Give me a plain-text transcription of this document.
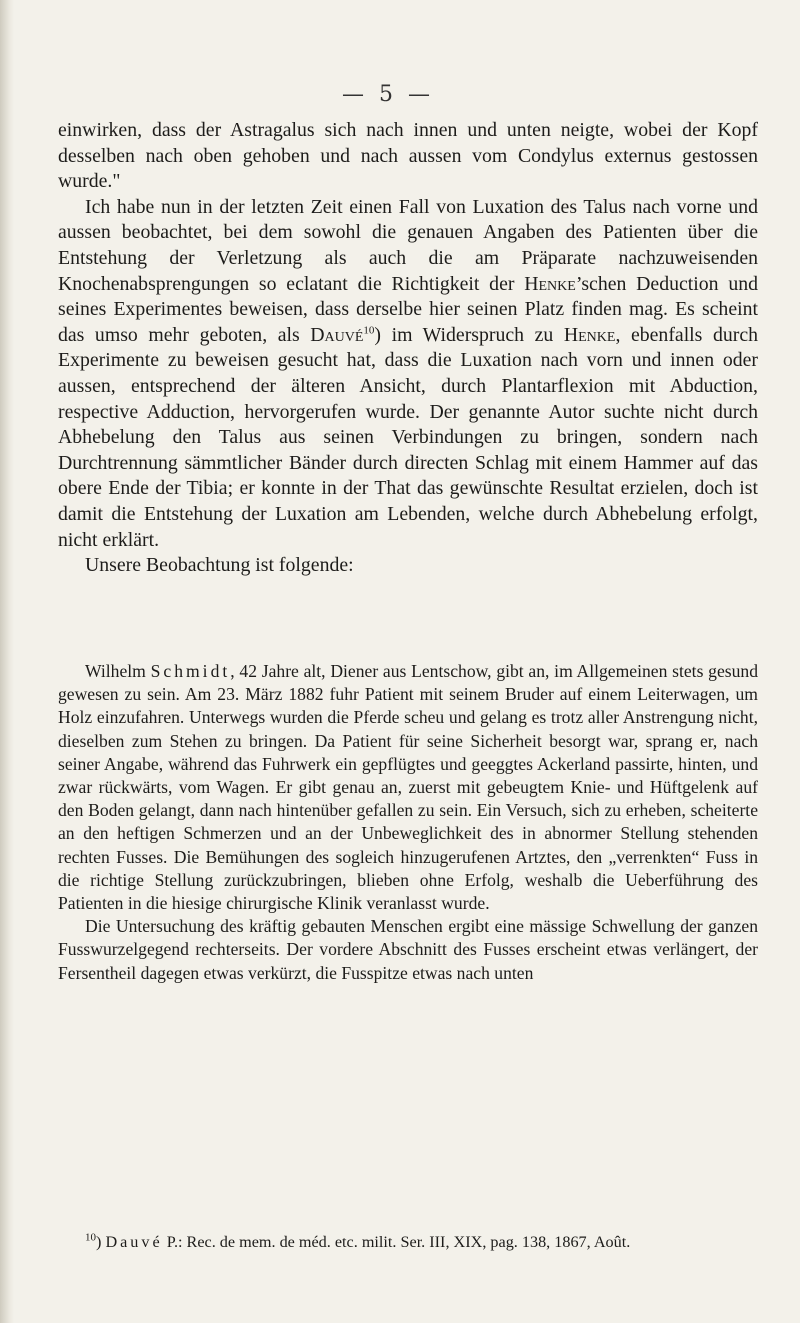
— 5 —

einwirken, dass der Astragalus sich nach innen und unten neigte, wobei der Kopf desselben nach oben gehoben und nach aussen vom Condylus externus gestossen wurde."

Ich habe nun in der letzten Zeit einen Fall von Luxation des Talus nach vorne und aussen beobachtet, bei dem sowohl die genauen Angaben des Patienten über die Entstehung der Verletzung als auch die am Präparate nachzuweisenden Knochenabsprengungen so eclatant die Richtigkeit der Henke’schen Deduction und seines Experimentes beweisen, dass derselbe hier seinen Platz finden mag. Es scheint das umso mehr geboten, als Dauvé$^{10}$) im Widerspruch zu Henke, ebenfalls durch Experimente zu beweisen gesucht hat, dass die Luxation nach vorn und innen oder aussen, entsprechend der älteren Ansicht, durch Plantarflexion mit Abduction, respective Adduction, hervorgerufen wurde. Der genannte Autor suchte nicht durch Abhebelung den Talus aus seinen Verbindungen zu bringen, sondern nach Durchtrennung sämmtlicher Bänder durch directen Schlag mit einem Hammer auf das obere Ende der Tibia; er konnte in der That das gewünschte Resultat erzielen, doch ist damit die Entstehung der Luxation am Lebenden, welche durch Abhebelung erfolgt, nicht erklärt.

Unsere Beobachtung ist folgende:

Wilhelm Schmidt, 42 Jahre alt, Diener aus Lentschow, gibt an, im Allgemeinen stets gesund gewesen zu sein. Am 23. März 1882 fuhr Patient mit seinem Bruder auf einem Leiterwagen, um Holz einzufahren. Unterwegs wurden die Pferde scheu und gelang es trotz aller Anstrengung nicht, dieselben zum Stehen zu bringen. Da Patient für seine Sicherheit besorgt war, sprang er, nach seiner Angabe, während das Fuhrwerk ein gepflügtes und geeggtes Ackerland passirte, hinten, und zwar rückwärts, vom Wagen. Er gibt genau an, zuerst mit gebeugtem Knie- und Hüftgelenk auf den Boden gelangt, dann nach hintenüber gefallen zu sein. Ein Versuch, sich zu erheben, scheiterte an den heftigen Schmerzen und an der Unbeweglichkeit des in abnormer Stellung stehenden rechten Fusses. Die Bemühungen des sogleich hinzugerufenen Artztes, den „verrenkten“ Fuss in die richtige Stellung zurückzubringen, blieben ohne Erfolg, weshalb die Ueberführung des Patienten in die hiesige chirurgische Klinik veranlasst wurde.

Die Untersuchung des kräftig gebauten Menschen ergibt eine mässige Schwellung der ganzen Fusswurzelgegend rechterseits. Der vordere Abschnitt des Fusses erscheint etwas verlängert, der Fersentheil dagegen etwas verkürzt, die Fusspitze etwas nach unten

$^{10}$) Dauvé P.: Rec. de mem. de méd. etc. milit. Ser. III, XIX, pag. 138, 1867, Août.
